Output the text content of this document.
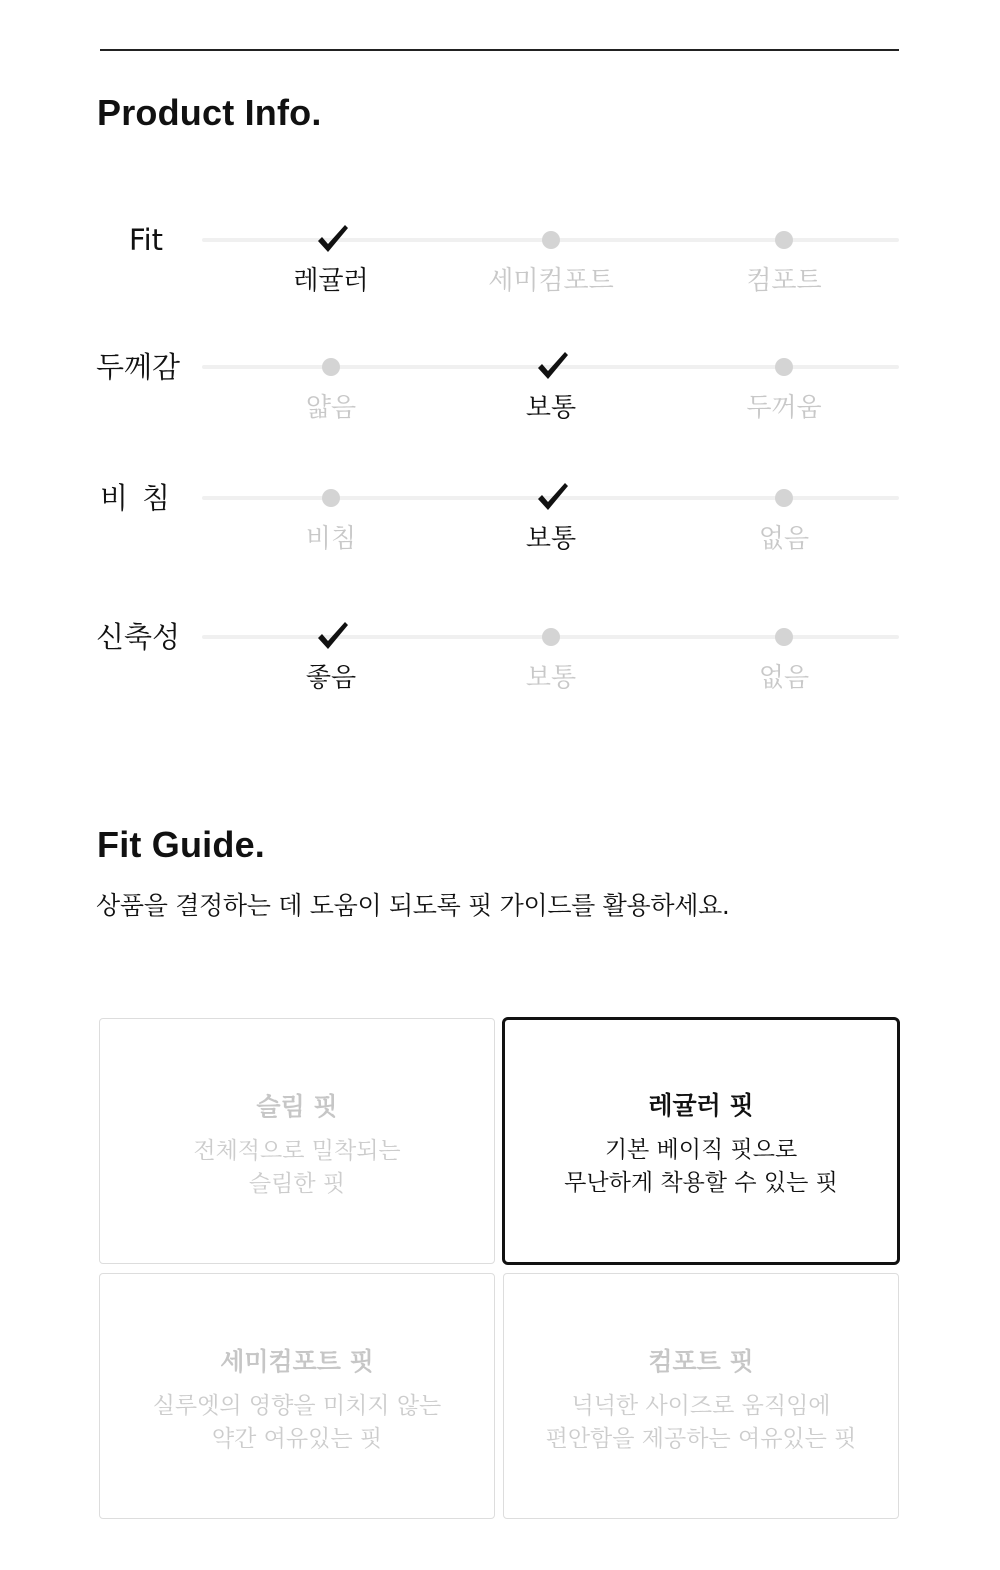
Product Info.
Fit
레귤러	세미컴포트	컴포트
두께감
얇음	보통	두꺼움
비침
비침	보통	없음
신축성
좋음	보통	없음
Fit Guide.

상품을 결정하는 데 도움이 되도록 핏 가이드를 활용하세요.

슬림 핏
전체적으로 밀착되는
슬림한 핏
레귤러 핏
기본 베이직 핏으로
무난하게 착용할 수 있는 핏
세미컴포트 핏
실루엣의 영향을 미치지 않는
약간 여유있는 핏
컴포트 핏
넉넉한 사이즈로 움직임에
편안함을 제공하는 여유있는 핏
